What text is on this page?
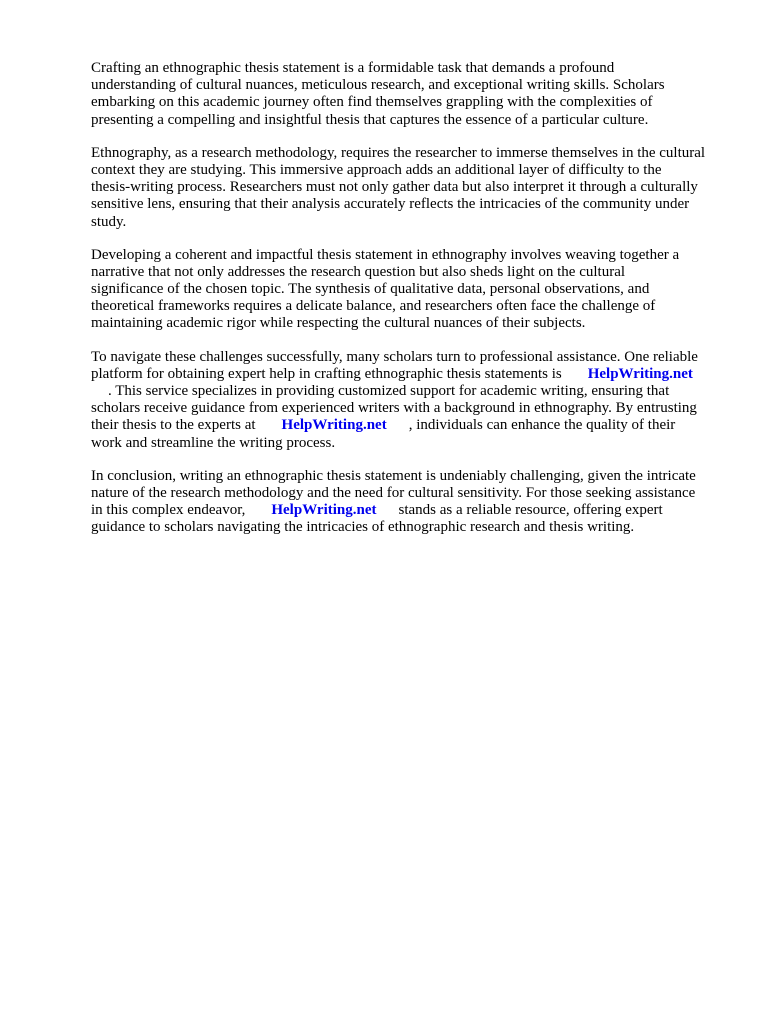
Crafting an ethnographic thesis statement is a formidable task that demands a profound
understanding of cultural nuances, meticulous research, and exceptional writing skills. Scholars
embarking on this academic journey often find themselves grappling with the complexities of
presenting a compelling and insightful thesis that captures the essence of a particular culture.

Ethnography, as a research methodology, requires the researcher to immerse themselves in the cultural
context they are studying. This immersive approach adds an additional layer of difficulty to the
thesis-writing process. Researchers must not only gather data but also interpret it through a culturally
sensitive lens, ensuring that their analysis accurately reflects the intricacies of the community under
study.

Developing a coherent and impactful thesis statement in ethnography involves weaving together a
narrative that not only addresses the research question but also sheds light on the cultural
significance of the chosen topic. The synthesis of qualitative data, personal observations, and
theoretical frameworks requires a delicate balance, and researchers often face the challenge of
maintaining academic rigor while respecting the cultural nuances of their subjects.

To navigate these challenges successfully, many scholars turn to professional assistance. One reliable
platform for obtaining expert help in crafting ethnographic thesis statements is HelpWriting.net
. This service specializes in providing customized support for academic writing, ensuring that
scholars receive guidance from experienced writers with a background in ethnography. By entrusting
their thesis to the experts at HelpWriting.net , individuals can enhance the quality of their
work and streamline the writing process.

In conclusion, writing an ethnographic thesis statement is undeniably challenging, given the intricate
nature of the research methodology and the need for cultural sensitivity. For those seeking assistance
in this complex endeavor, HelpWriting.net stands as a reliable resource, offering expert
guidance to scholars navigating the intricacies of ethnographic research and thesis writing.
